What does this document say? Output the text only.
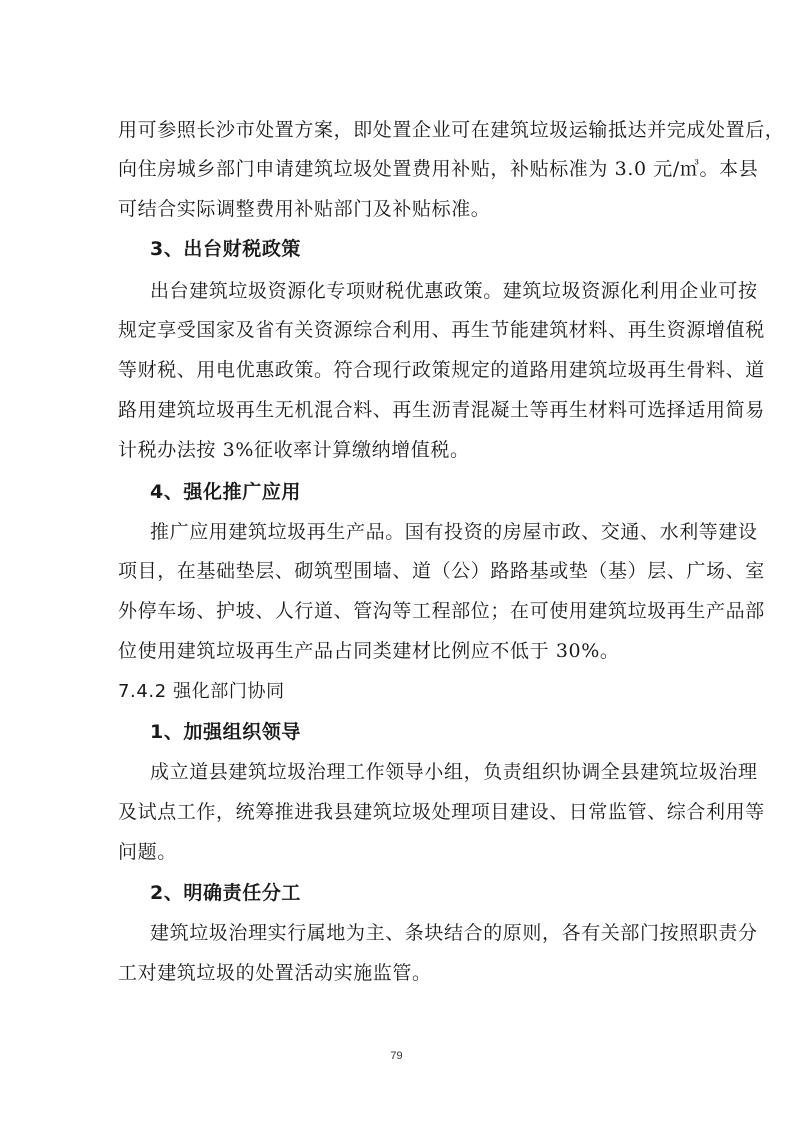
用可参照长沙市处置方案，即处置企业可在建筑垃圾运输抵达并完成处置后，
向住房城乡部门申请建筑垃圾处置费用补贴，补贴标准为 3.0 元/㎥。本县
可结合实际调整费用补贴部门及补贴标准。
3、出台财税政策
出台建筑垃圾资源化专项财税优惠政策。建筑垃圾资源化利用企业可按
规定享受国家及省有关资源综合利用、再生节能建筑材料、再生资源增值税
等财税、用电优惠政策。符合现行政策规定的道路用建筑垃圾再生骨料、道
路用建筑垃圾再生无机混合料、再生沥青混凝土等再生材料可选择适用简易
计税办法按 3%征收率计算缴纳增值税。
4、强化推广应用
推广应用建筑垃圾再生产品。国有投资的房屋市政、交通、水利等建设
项目，在基础垫层、砌筑型围墙、道（公）路路基或垫（基）层、广场、室
外停车场、护坡、人行道、管沟等工程部位；在可使用建筑垃圾再生产品部
位使用建筑垃圾再生产品占同类建材比例应不低于 30%。
7.4.2 强化部门协同
1、加强组织领导
成立道县建筑垃圾治理工作领导小组，负责组织协调全县建筑垃圾治理
及试点工作，统筹推进我县建筑垃圾处理项目建设、日常监管、综合利用等
问题。
2、明确责任分工
建筑垃圾治理实行属地为主、条块结合的原则，各有关部门按照职责分
工对建筑垃圾的处置活动实施监管。
79
